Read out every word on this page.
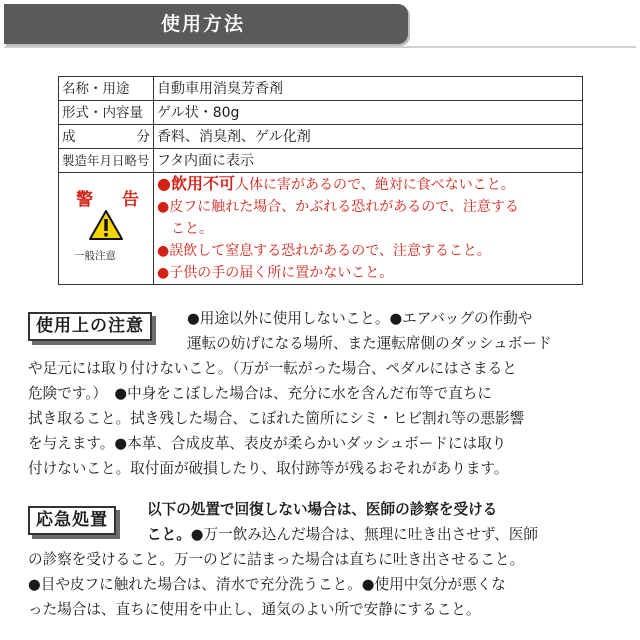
使用方法
名称・用途	自動車用消臭芳香剤
形式・内容量	ゲル状・80g

成 分	香料、消臭剤、ゲル化剤
製造年月日略号	フタ内面に表示

警　告
一般注意	●飲用不可人体に害があるので、絶対に食べないこと。
●皮フに触れた場合、かぶれる恐れがあるので、注意する
こと。
●誤飲して窒息する恐れがあるので、注意すること。
●子供の手の届く所に置かないこと。
使用上の注意	●用途以外に使用しないこと。●エアバッグの作動や
運転の妨げになる場所、また運転席側のダッシュボード
や足元には取り付けないこと。（万が一転がった場合、ペダルにはさまると
危険です。）　●中身をこぼした場合は、充分に水を含んだ布等で直ちに
拭き取ること。拭き残した場合、こぼれた箇所にシミ・ヒビ割れ等の悪影響
を与えます。●本革、合成皮革、表皮が柔らかいダッシュボードには取り
付けないこと。取付面が破損したり、取付跡等が残るおそれがあります。
応急処置
以下の処置で回復しない場合は、医師の診察を受ける
こと。●万一飲み込んだ場合は、無理に吐き出させず、医師
の診察を受けること。万一のどに詰まった場合は直ちに吐き出させること。
●目や皮フに触れた場合は、清水で充分洗うこと。●使用中気分が悪くな
った場合は、直ちに使用を中止し、通気のよい所で安静にすること。
